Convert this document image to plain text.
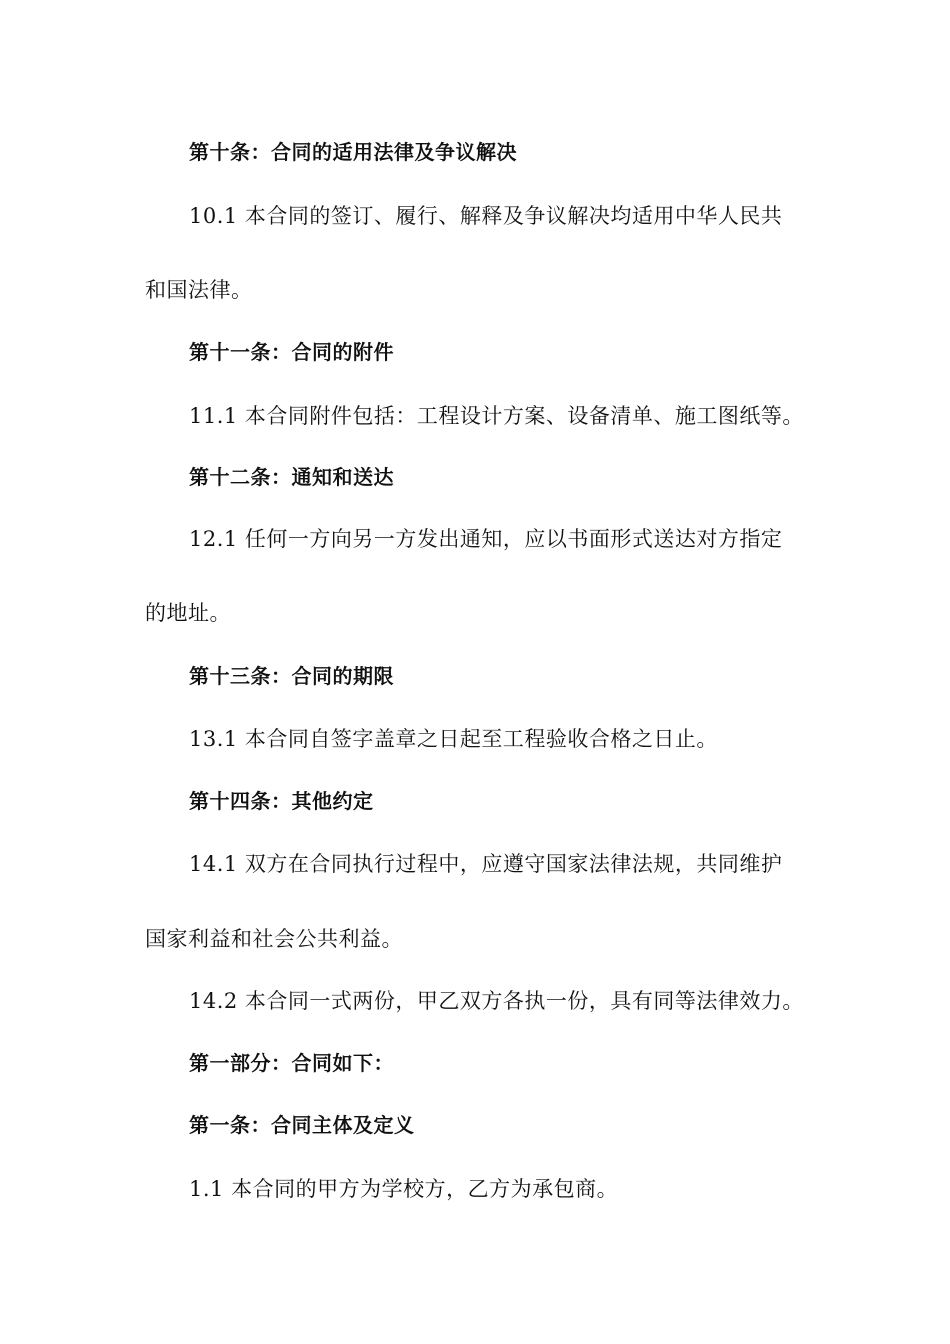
第十条：合同的适用法律及争议解决
10.1 本合同的签订、履行、解释及争议解决均适用中华人民共
和国法律。
第十一条：合同的附件
11.1 本合同附件包括：工程设计方案、设备清单、施工图纸等。
第十二条：通知和送达
12.1 任何一方向另一方发出通知，应以书面形式送达对方指定
的地址。
第十三条：合同的期限
13.1 本合同自签字盖章之日起至工程验收合格之日止。
第十四条：其他约定
14.1 双方在合同执行过程中，应遵守国家法律法规，共同维护
国家利益和社会公共利益。
14.2 本合同一式两份，甲乙双方各执一份，具有同等法律效力。
第一部分：合同如下：
第一条：合同主体及定义
1.1 本合同的甲方为学校方，乙方为承包商。
